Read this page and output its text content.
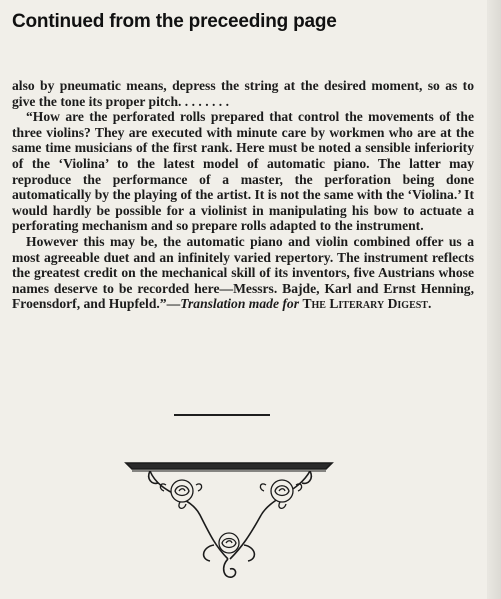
Continued from the preceeding page

also by pneumatic means, depress the string at the desired moment, so as to give the tone its proper pitch. . . . . . . .

“How are the perforated rolls prepared that control the movements of the three violins? They are executed with minute care by workmen who are at the same time musicians of the first rank. Here must be noted a sensible inferiority of the ‘Violina’ to the latest model of automatic piano. The latter may reproduce the performance of a master, the perforation being done automatically by the playing of the artist. It is not the same with the ‘Violina.’ It would hardly be possible for a violinist in manipulating his bow to actuate a perforating mechanism and so prepare rolls adapted to the instrument.

However this may be, the automatic piano and violin combined offer us a most agreeable duet and an infinitely varied repertory. The instrument reflects the greatest credit on the mechanical skill of its inventors, five Austrians whose names deserve to be recorded here—Messrs. Bajde, Karl and Ernst Henning, Froensdorf, and Hupfeld.”—Translation made for The Literary Digest.
